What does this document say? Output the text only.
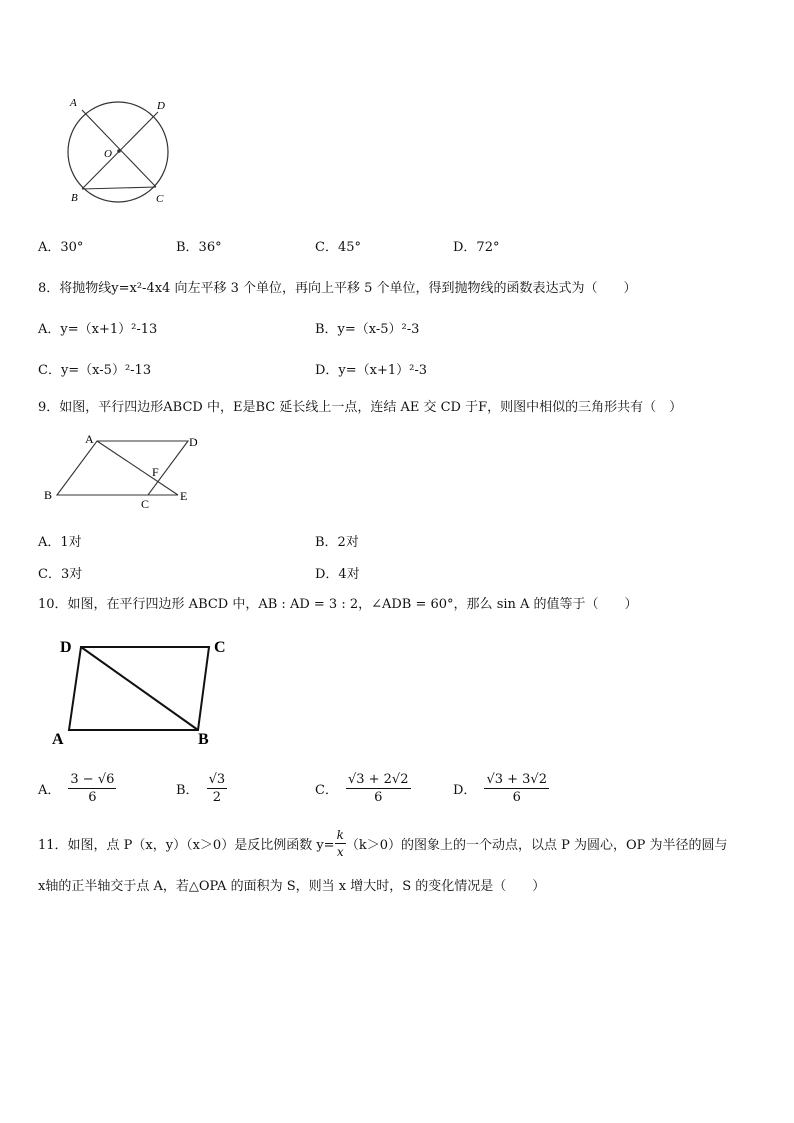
A	D
O
B	C
A．30°	B．36°	C．45°	D．72°
8．将抛物线y=x²-4x4 向左平移 3 个单位，再向上平移 5 个单位，得到抛物线的函数表达式为（　　）
A．y=（x+1）²-13	B．y=（x-5）²-3
C．y=（x-5）²-13	D．y=（x+1）²-3
9．如图，平行四边形ABCD 中，E是BC 延长线上一点，连结 AE 交 CD 于F，则图中相似的三角形共有（　）
A	D
F
B
C
E
A．1对	B．2对
C．3对	D．4对
10．如图，在平行四边形 ABCD 中，AB : AD = 3 : 2，∠ADB = 60°，那么 sin A 的值等于（　　）
D	C
A	B
A． $\frac{3 - √6}{6}$	B． $\frac{√3}{2}$	C． $\frac{√3 + 2√2}{6}$	D． $\frac{√3 + 3√2}{6}$
11．如图，点 P（x，y）（x＞0）是反比例函数 $y= \frac{k}{x} (k>0)$的图象上的一个动点，以点 P 为圆心，OP 为半径的圆与
x轴的正半轴交于点 A，若△OPA 的面积为 S，则当 x 增大时，S 的变化情况是（　　）
